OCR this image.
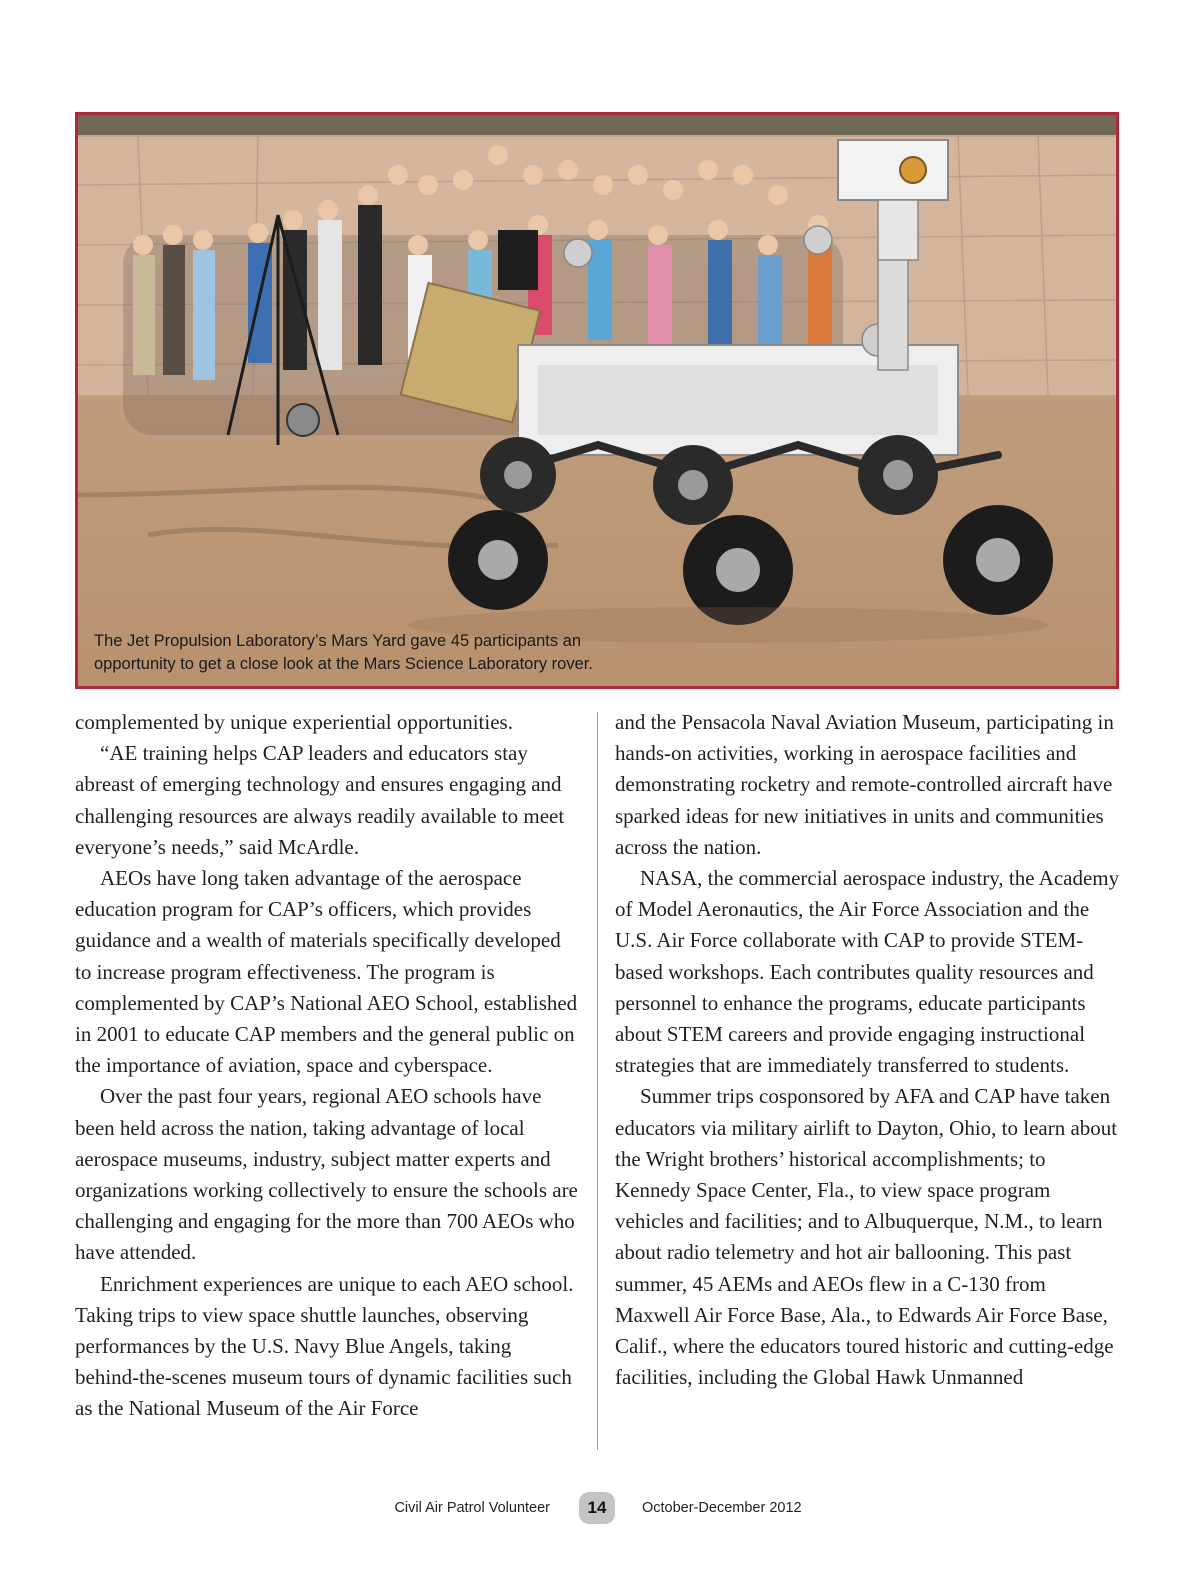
The Jet Propulsion Laboratory’s Mars Yard gave 45 participants an opportunity to get a close look at the Mars Science Laboratory rover.

complemented by unique experiential opportunities.

“AE training helps CAP leaders and educators stay abreast of emerging technology and ensures engaging and challenging resources are always readily available to meet everyone’s needs,” said McArdle.

AEOs have long taken advantage of the aerospace education program for CAP’s officers, which provides guidance and a wealth of materials specifically developed to increase program effectiveness. The program is complemented by CAP’s National AEO School, established in 2001 to educate CAP members and the general public on the importance of aviation, space and cyberspace.

Over the past four years, regional AEO schools have been held across the nation, taking advantage of local aerospace museums, industry, subject matter experts and organizations working collectively to ensure the schools are challenging and engaging for the more than 700 AEOs who have attended.

Enrichment experiences are unique to each AEO school. Taking trips to view space shuttle launches, observing performances by the U.S. Navy Blue Angels, taking behind-the-scenes museum tours of dynamic facilities such as the National Museum of the Air Force

and the Pensacola Naval Aviation Museum, participating in hands-on activities, working in aerospace facilities and demonstrating rocketry and remote-controlled aircraft have sparked ideas for new initiatives in units and communities across the nation.

NASA, the commercial aerospace industry, the Academy of Model Aeronautics, the Air Force Association and the U.S. Air Force collaborate with CAP to provide STEM-based workshops. Each contributes quality resources and personnel to enhance the programs, educate participants about STEM careers and provide engaging instructional strategies that are immediately transferred to students.

Summer trips cosponsored by AFA and CAP have taken educators via military airlift to Dayton, Ohio, to learn about the Wright brothers’ historical accomplishments; to Kennedy Space Center, Fla., to view space program vehicles and facilities; and to Albuquerque, N.M., to learn about radio telemetry and hot air ballooning. This past summer, 45 AEMs and AEOs flew in a C-130 from Maxwell Air Force Base, Ala., to Edwards Air Force Base, Calif., where the educators toured historic and cutting-edge facilities, including the Global Hawk Unmanned

Civil Air Patrol Volunteer	14	October-December 2012
